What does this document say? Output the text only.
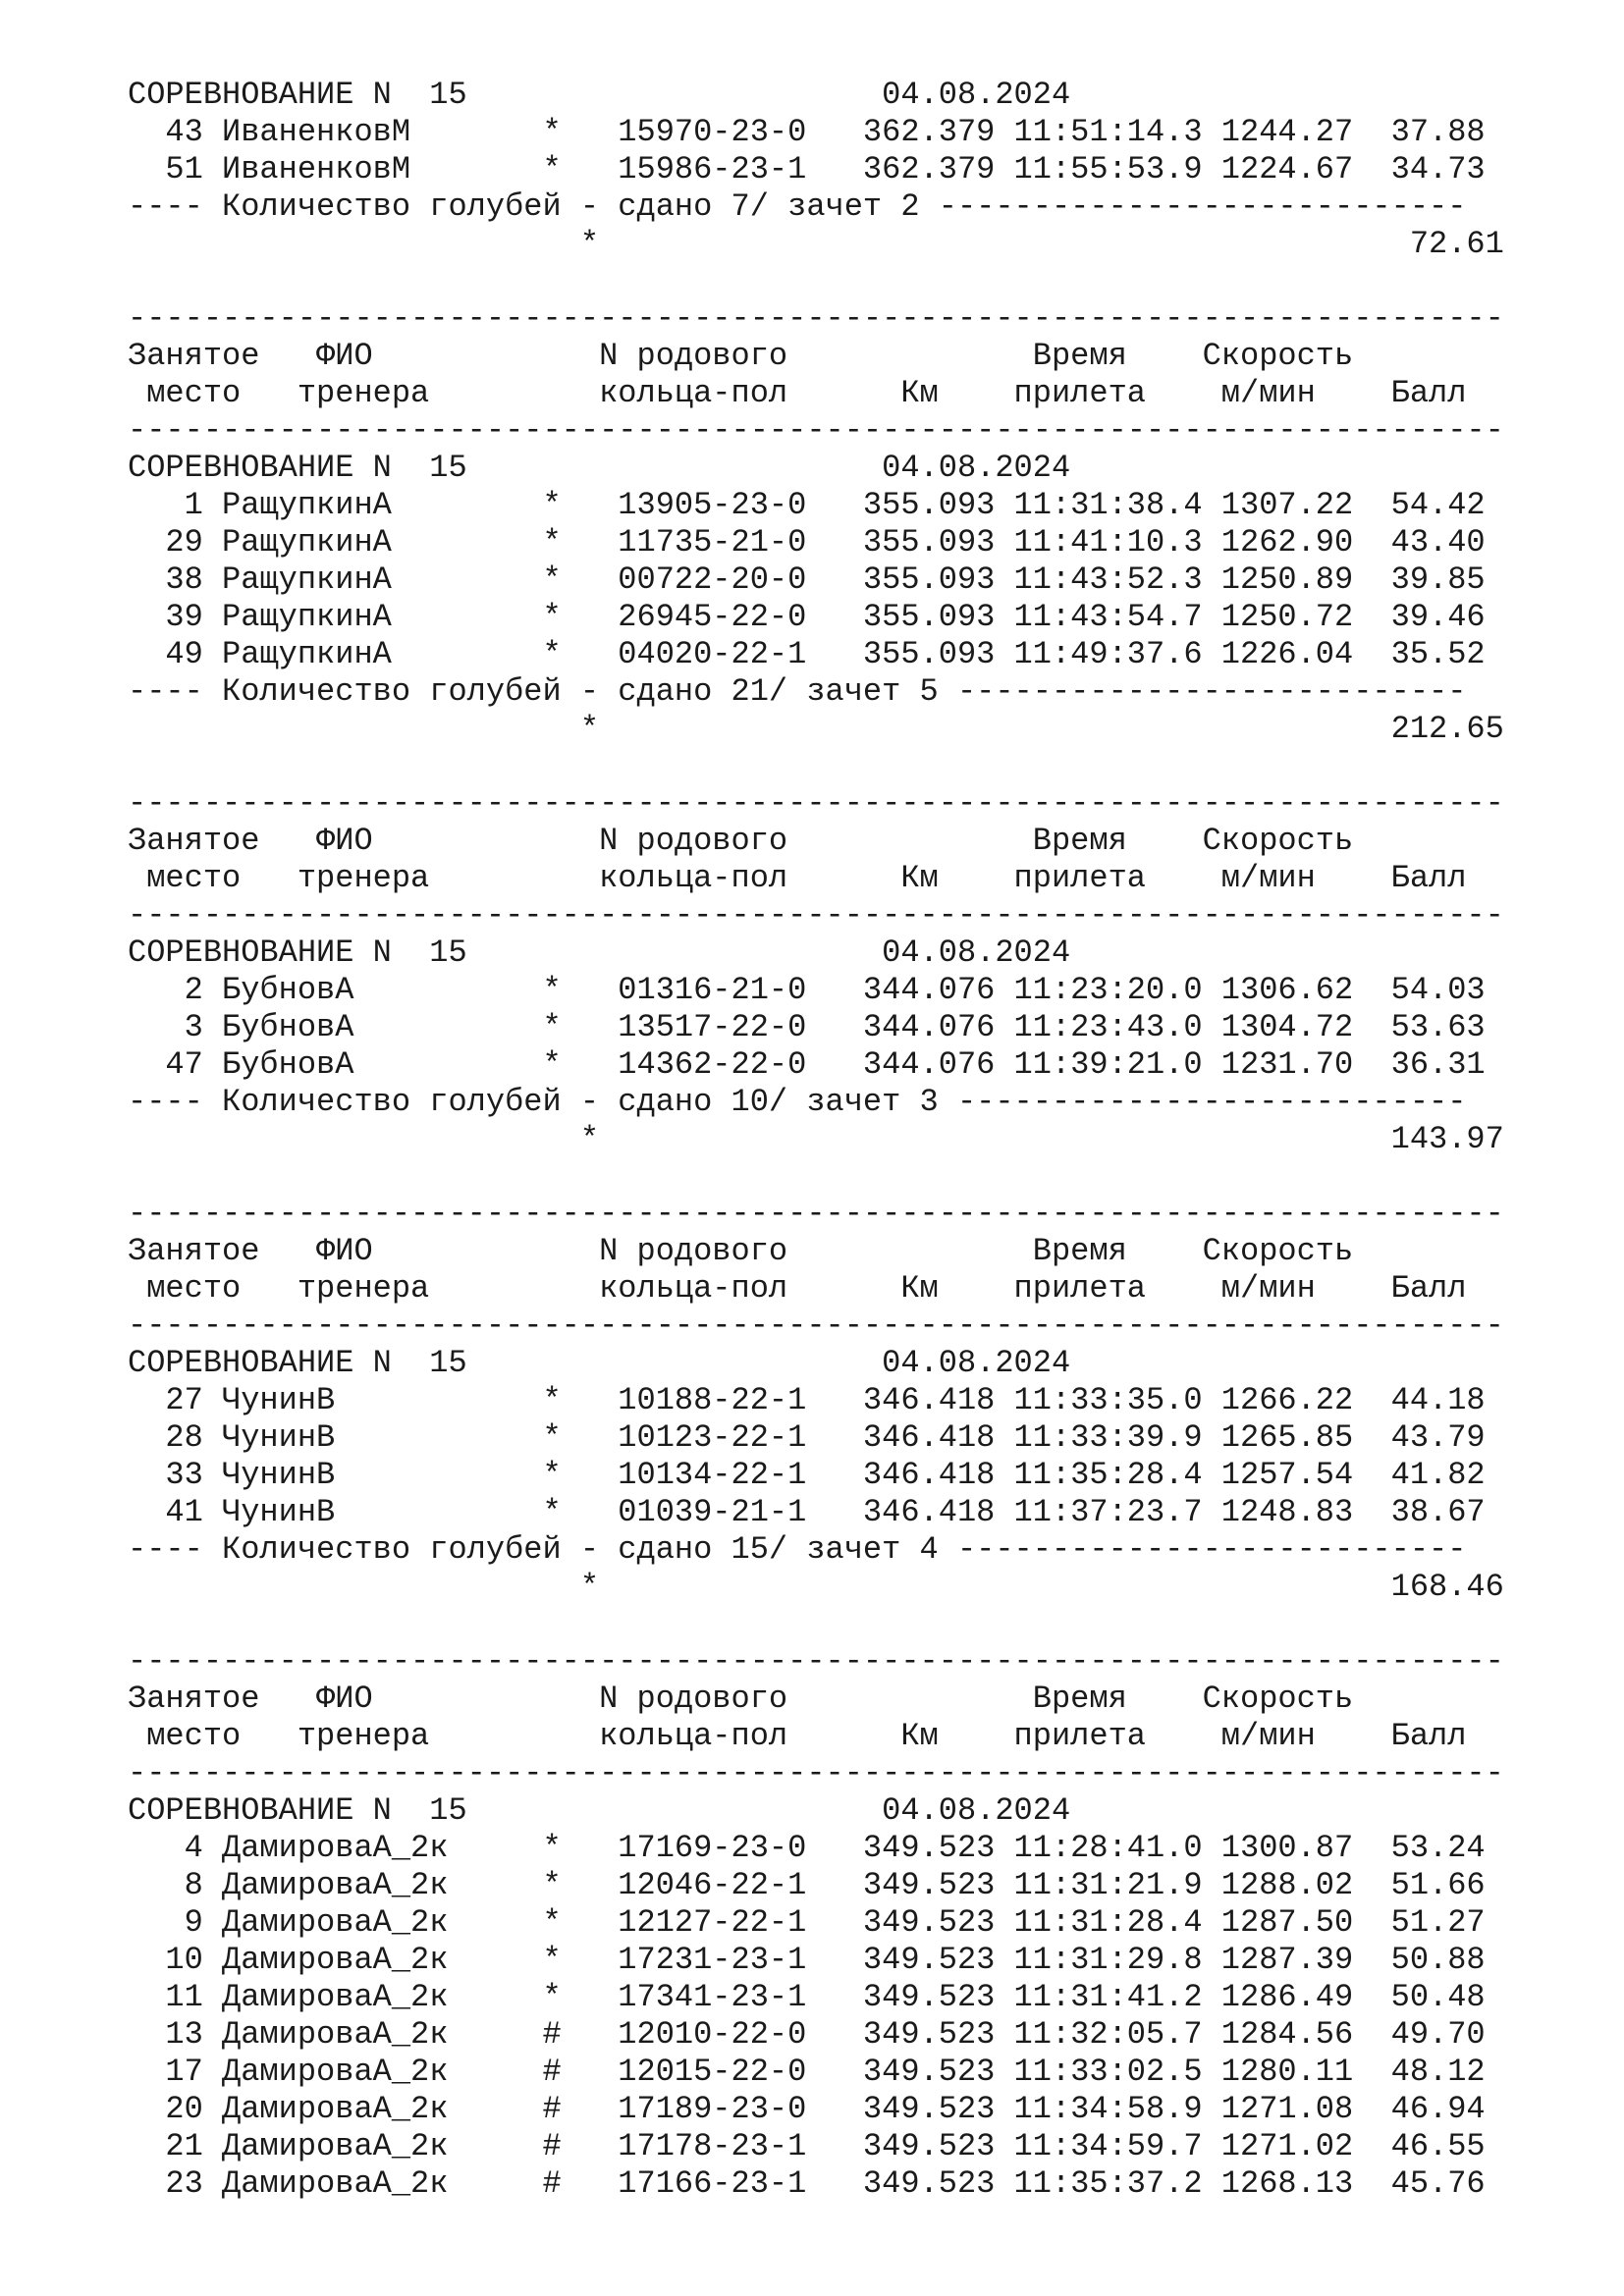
СОРЕВНОВАНИЕ N  15                      04.08.2024
43 ИваненковМ       *   15970-23-0   362.379 11:51:14.3 1244.27  37.88
51 ИваненковМ       *   15986-23-1   362.379 11:55:53.9 1224.67  34.73
---- Количество голубей - сдано 7/ зачет 2 ----------------------------
*                                           72.61
-------------------------------------------------------------------------
Занятое   ФИО            N родового             Время    Скорость
место   тренера         кольца-пол      Км    прилета    м/мин    Балл
-------------------------------------------------------------------------
СОРЕВНОВАНИЕ N  15                      04.08.2024
1 РащупкинА        *   13905-23-0   355.093 11:31:38.4 1307.22  54.42
29 РащупкинА        *   11735-21-0   355.093 11:41:10.3 1262.90  43.40
38 РащупкинА        *   00722-20-0   355.093 11:43:52.3 1250.89  39.85
39 РащупкинА        *   26945-22-0   355.093 11:43:54.7 1250.72  39.46
49 РащупкинА        *   04020-22-1   355.093 11:49:37.6 1226.04  35.52
---- Количество голубей - сдано 21/ зачет 5 ---------------------------
*                                          212.65
-------------------------------------------------------------------------
Занятое   ФИО            N родового             Время    Скорость
место   тренера         кольца-пол      Км    прилета    м/мин    Балл
-------------------------------------------------------------------------
СОРЕВНОВАНИЕ N  15                      04.08.2024
2 БубновА          *   01316-21-0   344.076 11:23:20.0 1306.62  54.03
3 БубновА          *   13517-22-0   344.076 11:23:43.0 1304.72  53.63
47 БубновА          *   14362-22-0   344.076 11:39:21.0 1231.70  36.31
---- Количество голубей - сдано 10/ зачет 3 ---------------------------
*                                          143.97
-------------------------------------------------------------------------
Занятое   ФИО            N родового             Время    Скорость
место   тренера         кольца-пол      Км    прилета    м/мин    Балл
-------------------------------------------------------------------------
СОРЕВНОВАНИЕ N  15                      04.08.2024
27 ЧунинВ           *   10188-22-1   346.418 11:33:35.0 1266.22  44.18
28 ЧунинВ           *   10123-22-1   346.418 11:33:39.9 1265.85  43.79
33 ЧунинВ           *   10134-22-1   346.418 11:35:28.4 1257.54  41.82
41 ЧунинВ           *   01039-21-1   346.418 11:37:23.7 1248.83  38.67
---- Количество голубей - сдано 15/ зачет 4 ---------------------------
*                                          168.46
-------------------------------------------------------------------------
Занятое   ФИО            N родового             Время    Скорость
место   тренера         кольца-пол      Км    прилета    м/мин    Балл
-------------------------------------------------------------------------
СОРЕВНОВАНИЕ N  15                      04.08.2024
4 ДамироваА_2к     *   17169-23-0   349.523 11:28:41.0 1300.87  53.24
8 ДамироваА_2к     *   12046-22-1   349.523 11:31:21.9 1288.02  51.66
9 ДамироваА_2к     *   12127-22-1   349.523 11:31:28.4 1287.50  51.27
10 ДамироваА_2к     *   17231-23-1   349.523 11:31:29.8 1287.39  50.88
11 ДамироваА_2к     *   17341-23-1   349.523 11:31:41.2 1286.49  50.48
13 ДамироваА_2к     #   12010-22-0   349.523 11:32:05.7 1284.56  49.70
17 ДамироваА_2к     #   12015-22-0   349.523 11:33:02.5 1280.11  48.12
20 ДамироваА_2к     #   17189-23-0   349.523 11:34:58.9 1271.08  46.94
21 ДамироваА_2к     #   17178-23-1   349.523 11:34:59.7 1271.02  46.55
23 ДамироваА_2к     #   17166-23-1   349.523 11:35:37.2 1268.13  45.76
